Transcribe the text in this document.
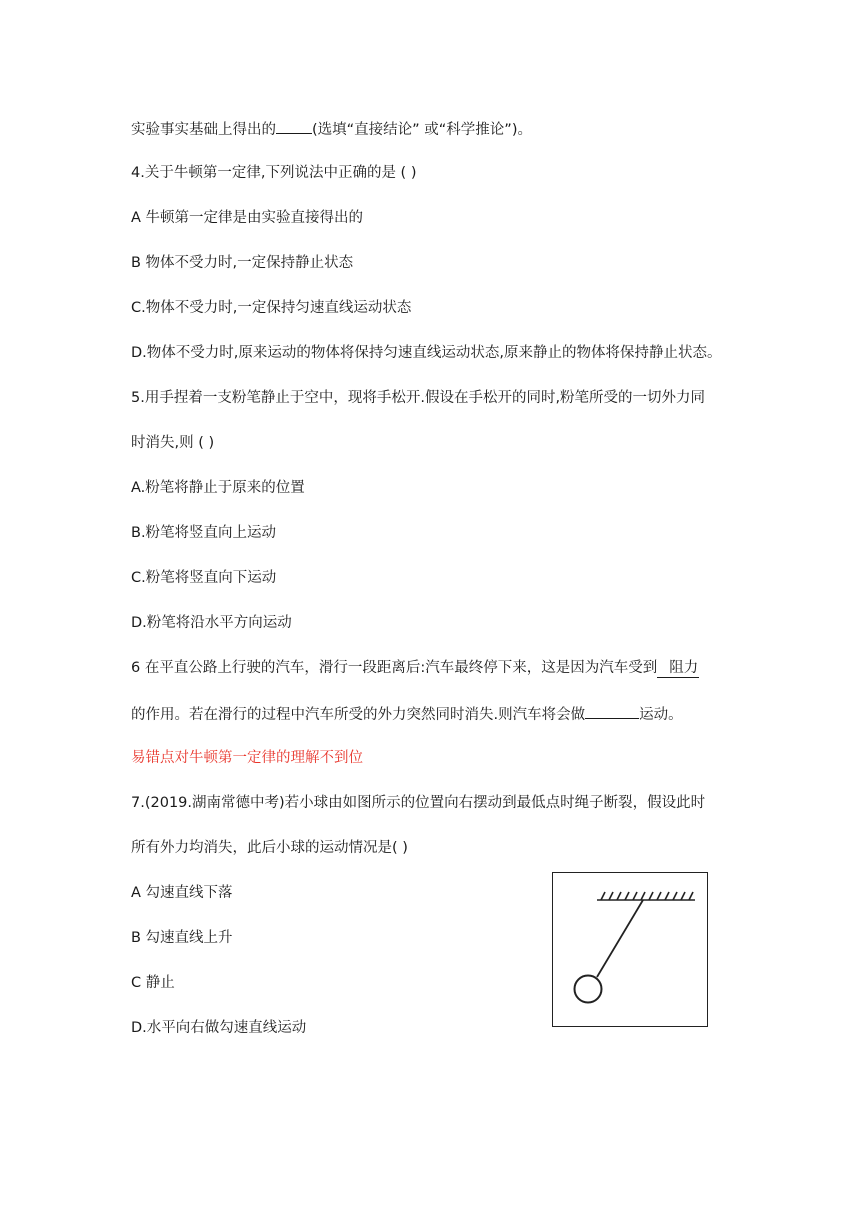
实验事实基础上得出的 (选填“直接结论” 或“科学推论”)。
4.关于牛顿第一定律,下列说法中正确的是 ( )
A 牛顿第一定律是由实验直接得出的
B 物体不受力时,一定保持静止状态
C.物体不受力时,一定保持匀速直线运动状态
D.物体不受力时,原来运动的物体将保持匀速直线运动状态,原来静止的物体将保持静止状态。
5.用手捏着一支粉笔静止于空中，现将手松开.假设在手松开的同时,粉笔所受的一切外力同
时消失,则 ( )
A.粉笔将静止于原来的位置
B.粉笔将竖直向上运动
C.粉笔将竖直向下运动
D.粉笔将沿水平方向运动
6 在平直公路上行驶的汽车，滑行一段距离后:汽车最终停下来，这是因为汽车受到 阻力
的作用。若在滑行的过程中汽车所受的外力突然同时消失.则汽车将会做	运动。
易错点对牛顿第一定律的理解不到位
7.(2019.湖南常德中考)若小球由如图所示的位置向右摆动到最低点时绳子断裂，假设此时
所有外力均消失，此后小球的运动情况是( )
A 勾速直线下落
B 勾速直线上升
C 静止
D.水平向右做勾速直线运动
